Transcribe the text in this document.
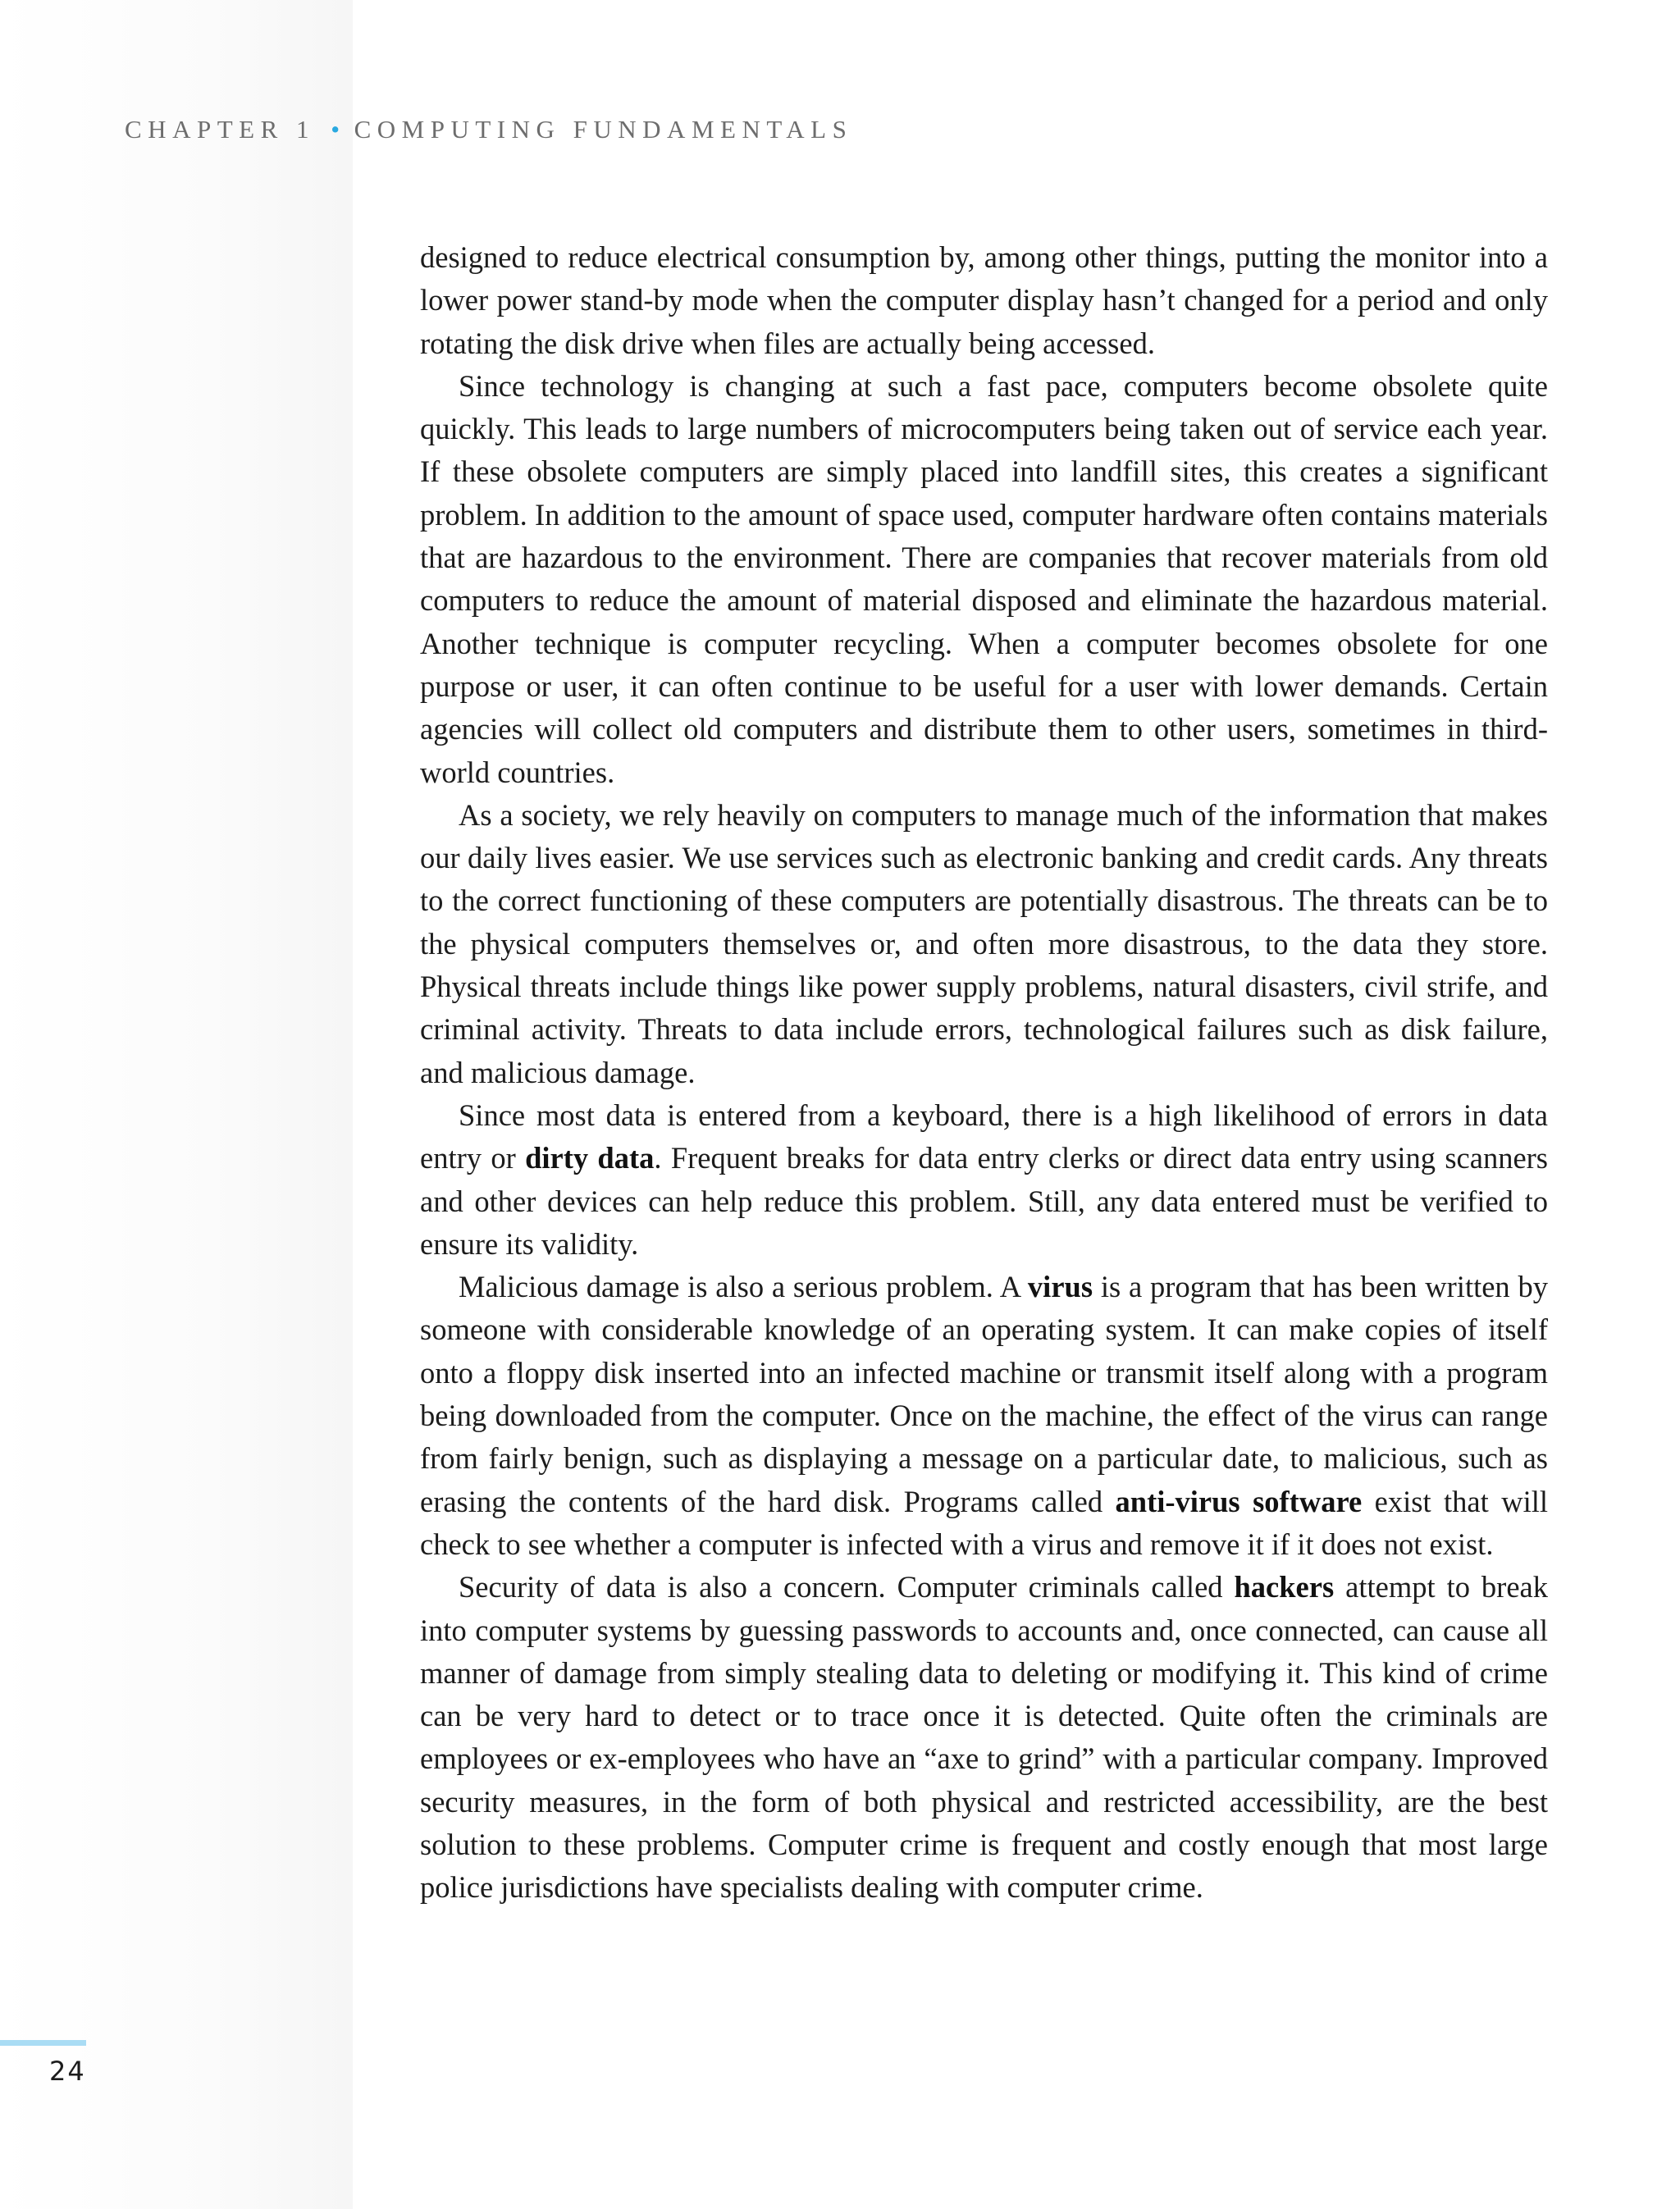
CHAPTER 1 • COMPUTING FUNDAMENTALS

designed to reduce electrical consumption by, among other things, putting the monitor into a lower power stand-by mode when the computer display hasn’t changed for a period and only rotating the disk drive when files are actually being accessed.

Since technology is changing at such a fast pace, computers become obsolete quite quickly. This leads to large numbers of microcomputers being taken out of service each year. If these obsolete computers are simply placed into landfill sites, this creates a significant problem. In addition to the amount of space used, computer hardware often contains materials that are hazardous to the environment. There are companies that recover materials from old computers to reduce the amount of material disposed and eliminate the hazardous material. Another technique is computer recycling. When a computer becomes obsolete for one purpose or user, it can often continue to be useful for a user with lower demands. Certain agencies will collect old computers and distribute them to other users, sometimes in third-world countries.

As a society, we rely heavily on computers to manage much of the information that makes our daily lives easier. We use services such as electronic banking and credit cards. Any threats to the correct functioning of these computers are potentially disastrous. The threats can be to the physical computers themselves or, and often more disastrous, to the data they store. Physical threats include things like power supply problems, natural disasters, civil strife, and criminal activity. Threats to data include errors, technological failures such as disk failure, and malicious damage.

Since most data is entered from a keyboard, there is a high likelihood of errors in data entry or dirty data. Frequent breaks for data entry clerks or direct data entry using scanners and other devices can help reduce this problem. Still, any data entered must be verified to ensure its validity.

Malicious damage is also a serious problem. A virus is a program that has been written by someone with considerable knowledge of an operating system. It can make copies of itself onto a floppy disk inserted into an infected machine or transmit itself along with a program being downloaded from the computer. Once on the machine, the effect of the virus can range from fairly benign, such as displaying a message on a particular date, to malicious, such as erasing the contents of the hard disk. Programs called anti-virus software exist that will check to see whether a computer is infected with a virus and remove it if it does not exist.

Security of data is also a concern. Computer criminals called hackers attempt to break into computer systems by guessing passwords to accounts and, once connected, can cause all manner of damage from simply stealing data to deleting or modifying it. This kind of crime can be very hard to detect or to trace once it is detected. Quite often the criminals are employees or ex-employees who have an “axe to grind” with a particular company. Improved security measures, in the form of both physical and restricted accessibility, are the best solution to these problems. Computer crime is frequent and costly enough that most large police jurisdictions have specialists dealing with computer crime.

24
